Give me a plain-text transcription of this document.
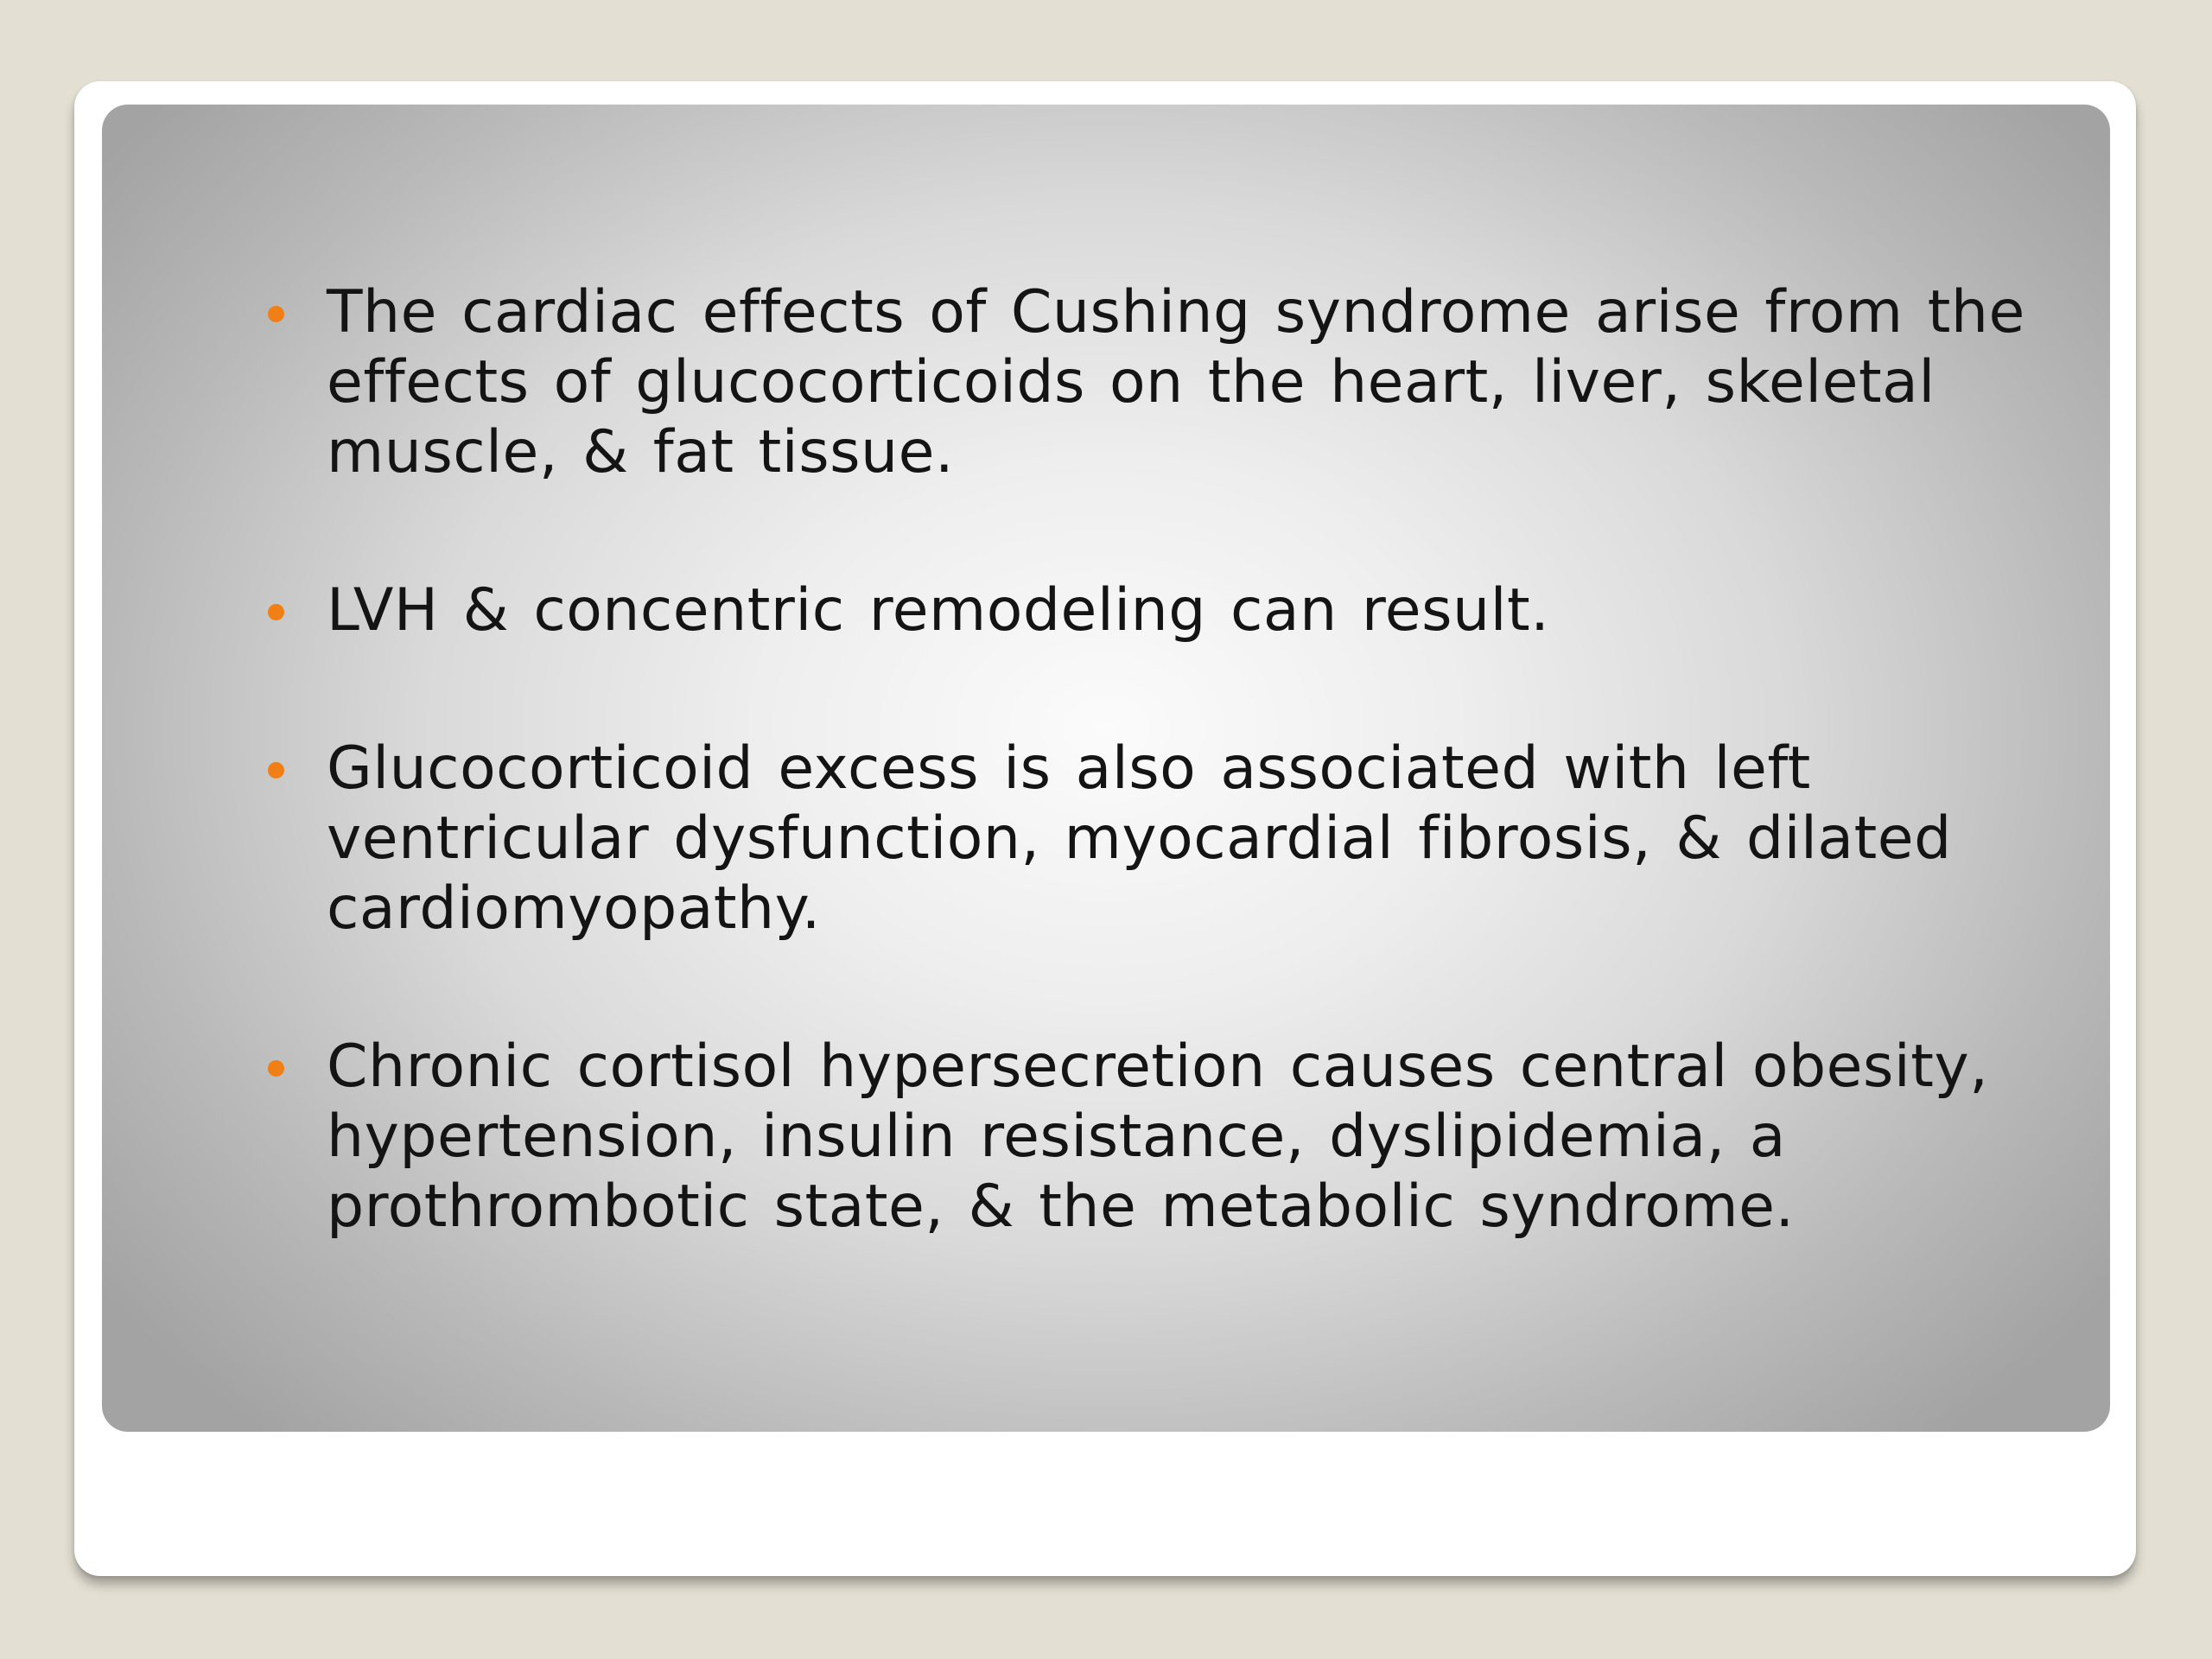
The cardiac effects of Cushing syndrome arise from the effects of glucocorticoids on the heart, liver, skeletal muscle, & fat tissue.
LVH & concentric remodeling can result.
Glucocorticoid excess is also associated with left ventricular dysfunction, myocardial fibrosis, & dilated cardiomyopathy.
Chronic cortisol hypersecretion causes central obesity, hypertension, insulin resistance, dyslipidemia, a prothrombotic state, & the metabolic syndrome.
